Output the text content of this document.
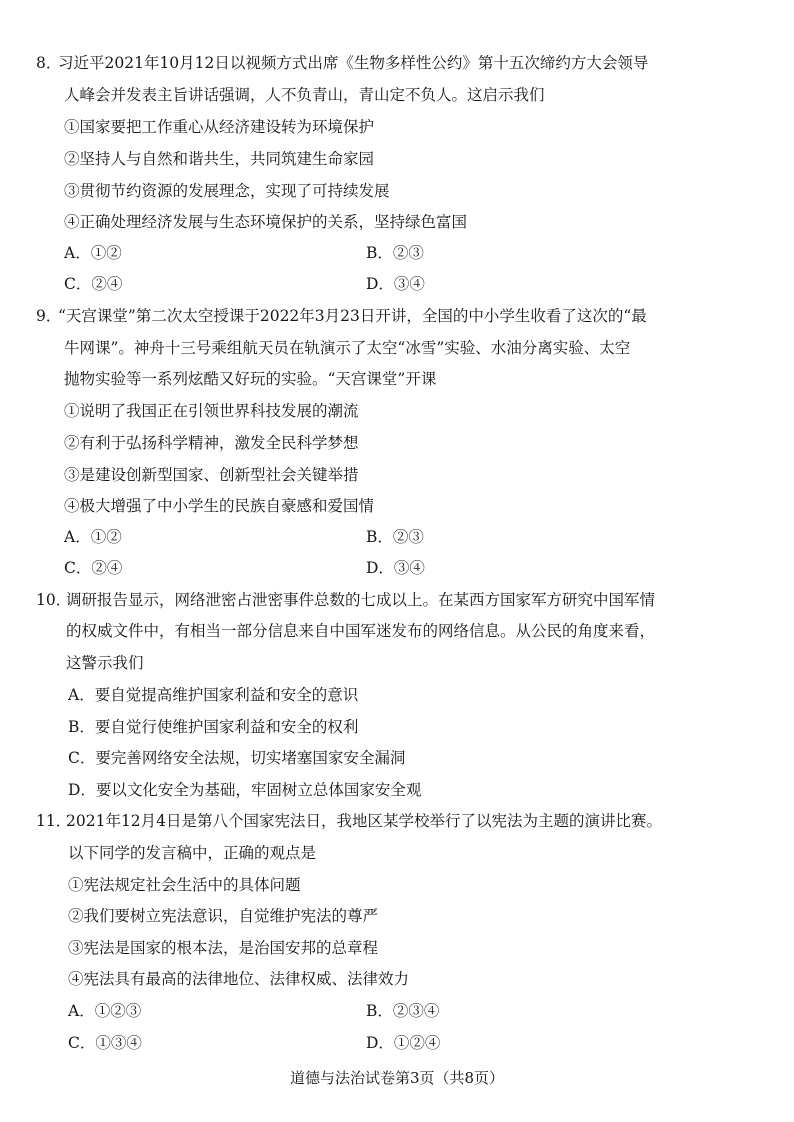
8．
习近平2021年10月12日以视频方式出席《生物多样性公约》第十五次缔约方大会领导
人峰会并发表主旨讲话强调，人不负青山，青山定不负人。这启示我们
①国家要把工作重心从经济建设转为环境保护
②坚持人与自然和谐共生，共同筑建生命家园
③贯彻节约资源的发展理念，实现了可持续发展
④正确处理经济发展与生态环境保护的关系，坚持绿色富国
A．①②	B．②③
C．②④	D．③④
9．
“天宫课堂”第二次太空授课于2022年3月23日开讲，全国的中小学生收看了这次的“最
牛网课”。神舟十三号乘组航天员在轨演示了太空“冰雪”实验、水油分离实验、太空
抛物实验等一系列炫酷又好玩的实验。“天宫课堂”开课
①说明了我国正在引领世界科技发展的潮流
②有利于弘扬科学精神，激发全民科学梦想
③是建设创新型国家、创新型社会关键举措
④极大增强了中小学生的民族自豪感和爱国情
A．①②	B．②③
C．②④	D．③④
10．
调研报告显示，网络泄密占泄密事件总数的七成以上。在某西方国家军方研究中国军情
的权威文件中，有相当一部分信息来自中国军迷发布的网络信息。从公民的角度来看，
这警示我们
A．要自觉提高维护国家利益和安全的意识
B．要自觉行使维护国家利益和安全的权利
C．要完善网络安全法规，切实堵塞国家安全漏洞
D．要以文化安全为基础，牢固树立总体国家安全观
11．
2021年12月4日是第八个国家宪法日，我地区某学校举行了以宪法为主题的演讲比赛。
以下同学的发言稿中，正确的观点是
①宪法规定社会生活中的具体问题
②我们要树立宪法意识，自觉维护宪法的尊严
③宪法是国家的根本法，是治国安邦的总章程
④宪法具有最高的法律地位、法律权威、法律效力
A．①②③	B．②③④
C．①③④	D．①②④
道德与法治试卷第3页（共8页）
